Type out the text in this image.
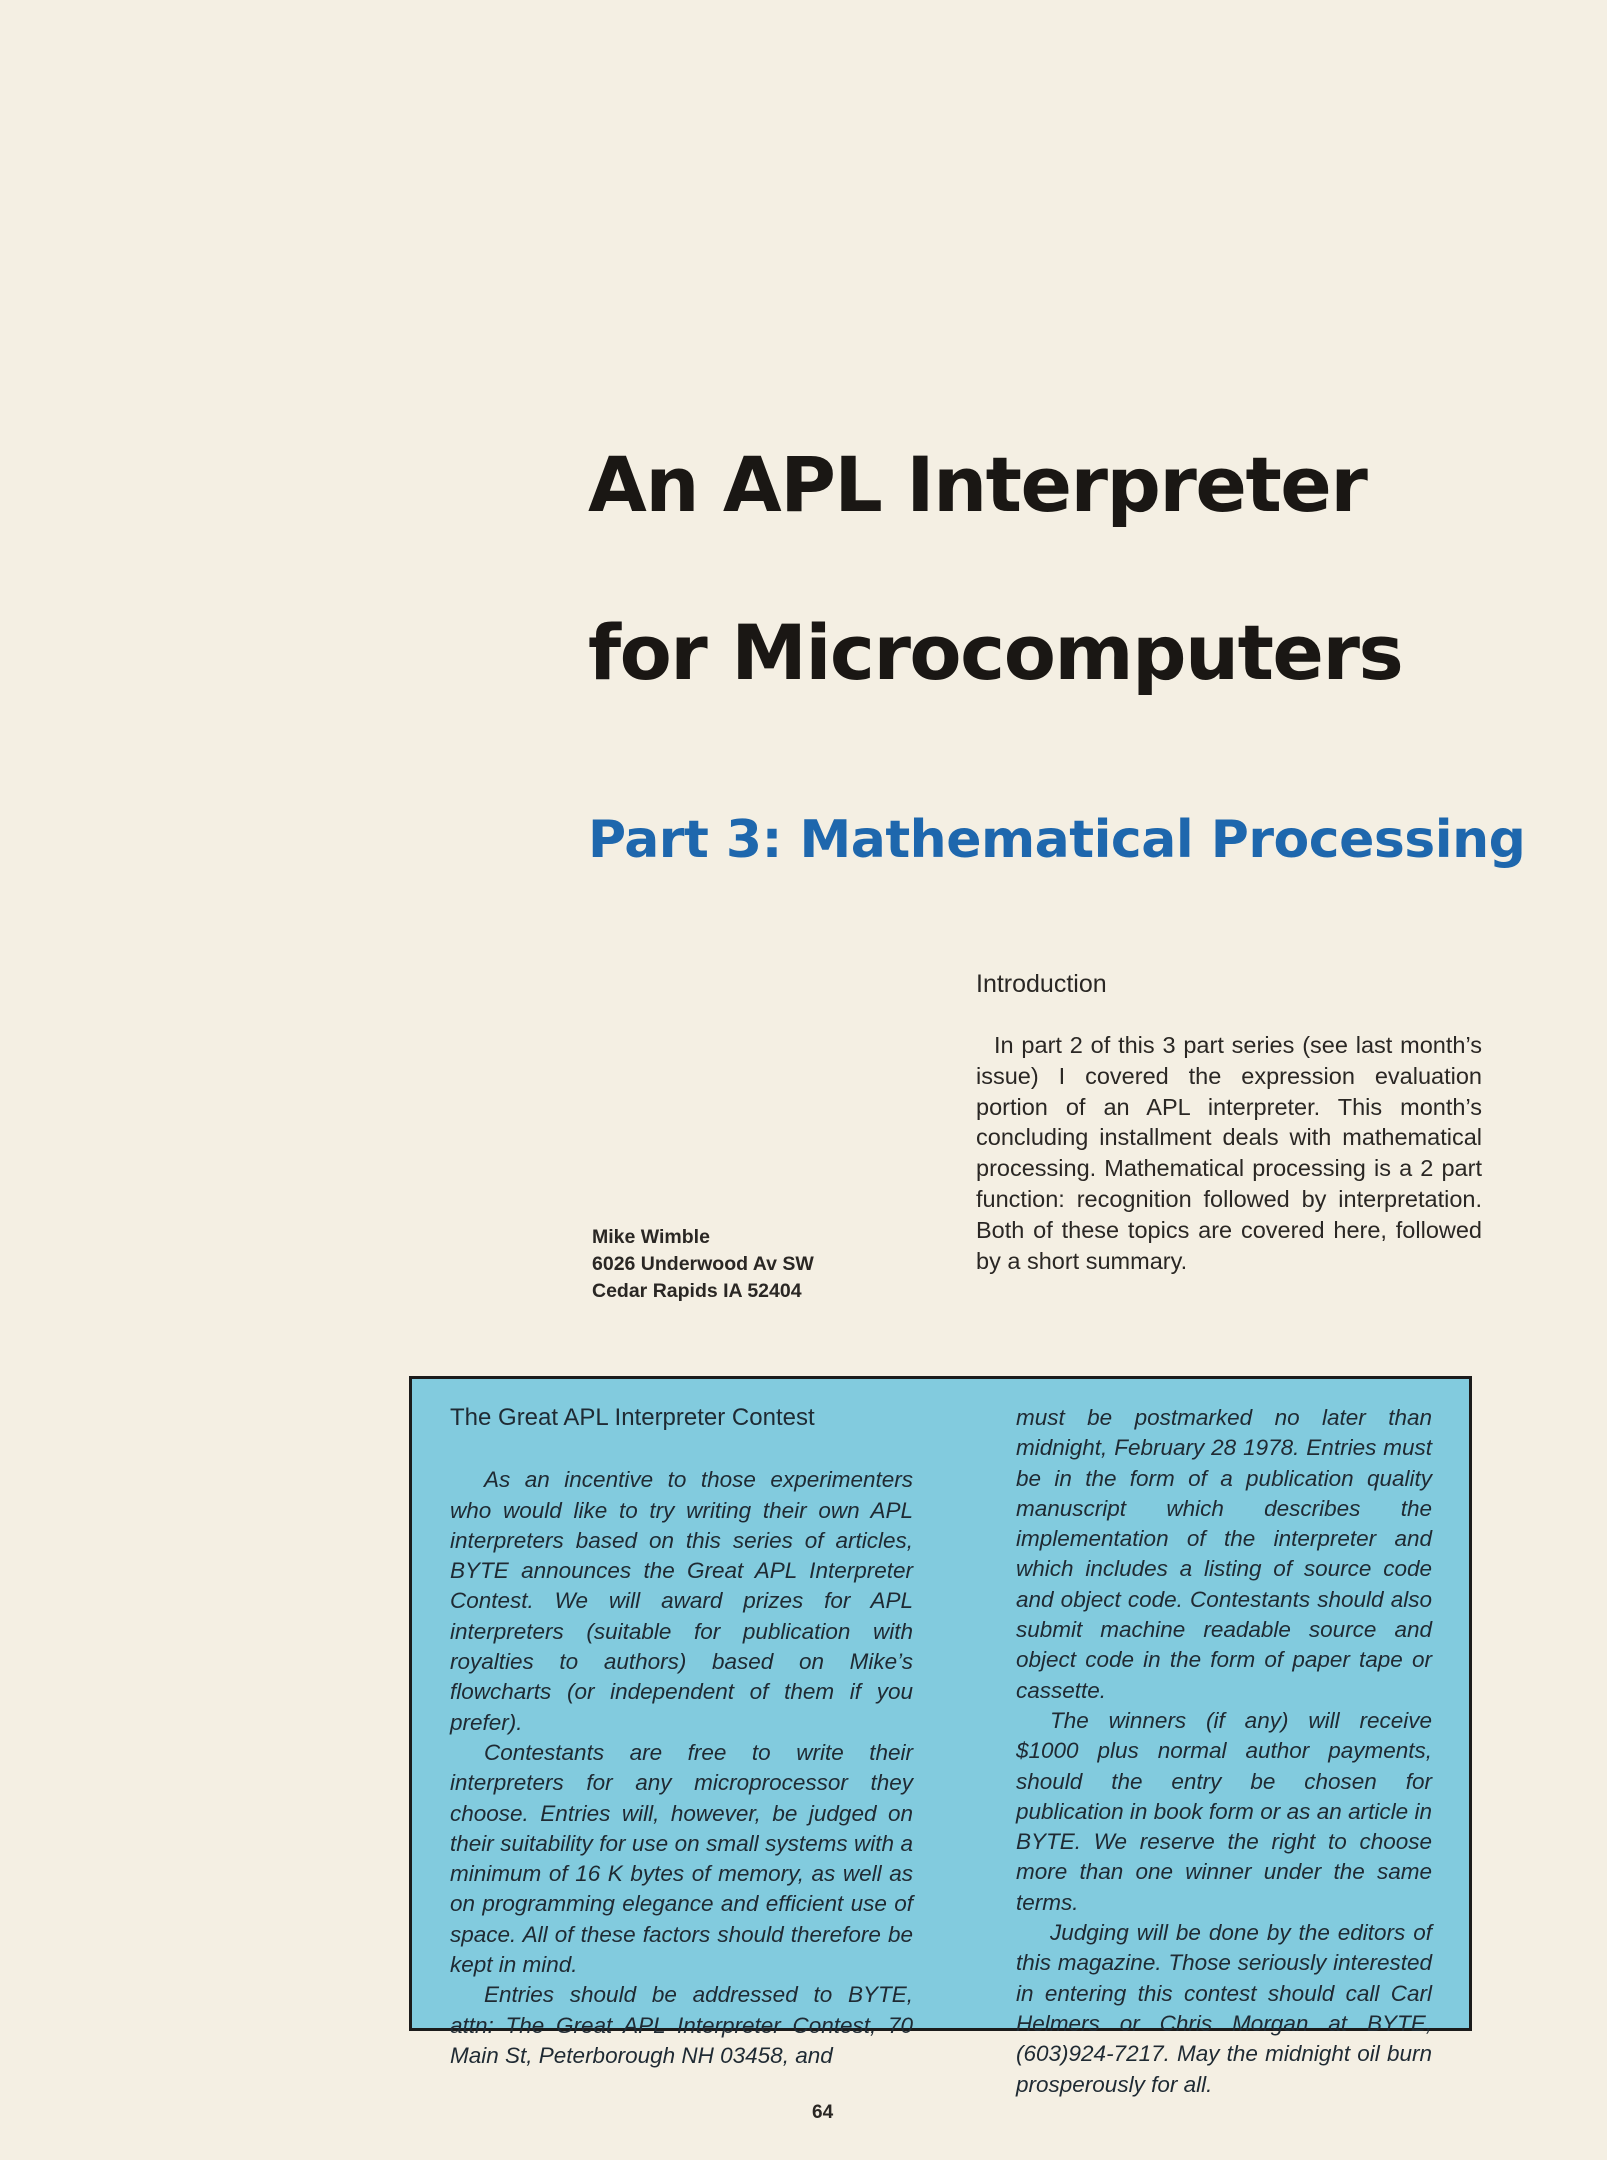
An APL Interpreter
for Microcomputers
Part 3: Mathematical Processing
Introduction

In part 2 of this 3 part series (see last month’s issue) I covered the expression evaluation portion of an APL interpreter. This month’s concluding installment deals with mathematical processing. Mathematical processing is a 2 part function: recognition followed by interpretation. Both of these topics are covered here, followed by a short summary.

Mike Wimble
6026 Underwood Av SW
Cedar Rapids IA 52404
The Great APL Interpreter Contest

As an incentive to those experimenters who would like to try writing their own APL interpreters based on this series of articles, BYTE announces the Great APL Interpreter Contest. We will award prizes for APL interpreters (suitable for publication with royalties to authors) based on Mike’s flowcharts (or independent of them if you prefer).

Contestants are free to write their interpreters for any microprocessor they choose. Entries will, however, be judged on their suitability for use on small systems with a minimum of 16 K bytes of memory, as well as on programming elegance and efficient use of space. All of these factors should therefore be kept in mind.

Entries should be addressed to BYTE, attn: The Great APL Interpreter Contest, 70 Main St, Peterborough NH 03458, and

must be postmarked no later than midnight, February 28 1978. Entries must be in the form of a publication quality manuscript which describes the implementation of the interpreter and which includes a listing of source code and object code. Contestants should also submit machine readable source and object code in the form of paper tape or cassette.

The winners (if any) will receive $1000 plus normal author payments, should the entry be chosen for publication in book form or as an article in BYTE. We reserve the right to choose more than one winner under the same terms.

Judging will be done by the editors of this magazine. Those seriously interested in entering this contest should call Carl Helmers or Chris Morgan at BYTE, (603)924-7217. May the midnight oil burn prosperously for all.

64
